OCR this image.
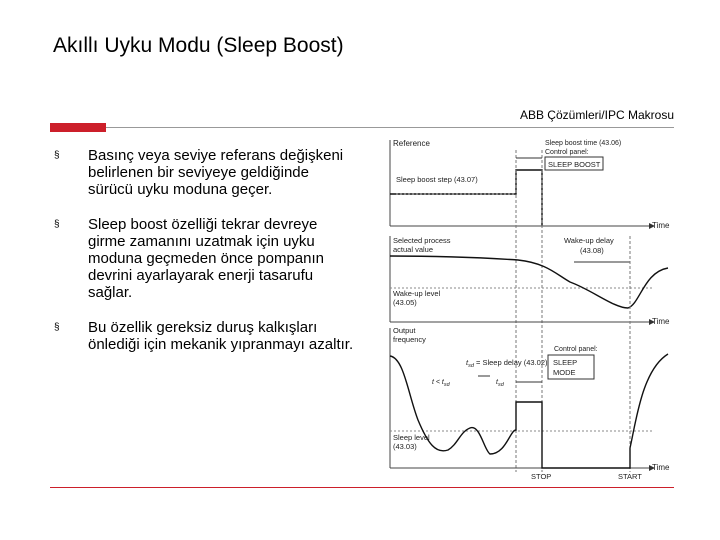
Akıllı Uyku Modu (Sleep Boost)
ABB Çözümleri/IPC Makrosu
§ Basınç veya seviye referans değişkeni belirlenen bir seviyeye geldiğinde sürücü uyku moduna geçer.
§ Sleep boost özelliği tekrar devreye girme zamanını uzatmak için uyku moduna geçmeden önce pompanın devrini ayarlayarak enerji tasarufu sağlar.
§ Bu özellik gereksiz duruş kalkışları önlediği için mekanik yıpranmayı azaltır.
Reference
Sleep boost step (43.07)
Sleep boost time (43.06)
Control panel:
SLEEP BOOST
Time
Selected process
actual value
Wake-up level
(43.05)
Wake-up delay
(43.08)
Time
Output
frequency
Sleep level
(43.03)
$t_{sd}$ = Sleep delay (43.02)
Control panel:
SLEEP
MODE
$t < t_{sd}$	$t_{sd}$
Time
STOP	START
